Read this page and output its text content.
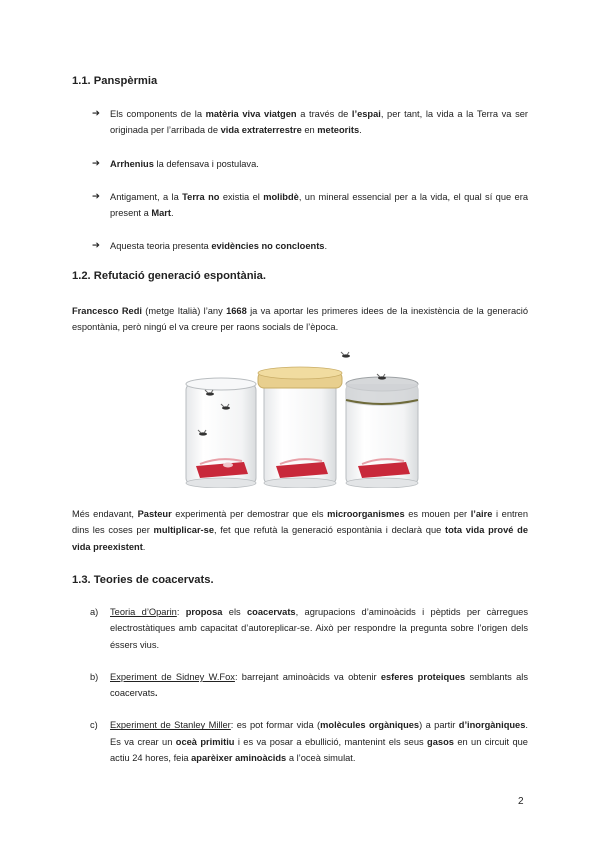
1.1. Panspèrmia
➔ Els components de la matèria viva viatgen a través de l’espai, per tant, la vida a la Terra va ser originada per l’arribada de vida extraterrestre en meteorits.
➔ Arrhenius la defensava i postulava.
➔ Antigament, a la Terra no existia el molibdè, un mineral essencial per a la vida, el qual sí que era present a Mart.
➔ Aquesta teoria presenta evidències no concloents.
1.2. Refutació generació espontània.

Francesco Redi (metge Italià) l’any 1668 ja va aportar les primeres idees de la inexistència de la generació espontània, però ningú el va creure per raons socials de l’època.

Més endavant, Pasteur experimentà per demostrar que els microorganismes es mouen per l’aire i entren dins les coses per multiplicar-se, fet que refutà la generació espontània i declarà que tota vida prové de vida preexistent.

1.3. Teories de coacervats.
a) Teoria d’Oparin: proposa els coacervats, agrupacions d’aminoàcids i pèptids per càrregues electrostàtiques amb capacitat d’autoreplicar-se. Això per respondre la pregunta sobre l’origen dels éssers vius.
b) Experiment de Sidney W.Fox: barrejant aminoàcids va obtenir esferes proteiques semblants als coacervats.
c) Experiment de Stanley Miller: es pot formar vida (molècules orgàniques) a partir d’inorgàniques. Es va crear un oceà primitiu i es va posar a ebullició, mantenint els seus gasos en un circuit que actiu 24 hores, feia aparèixer aminoàcids a l’oceà simulat.
2
